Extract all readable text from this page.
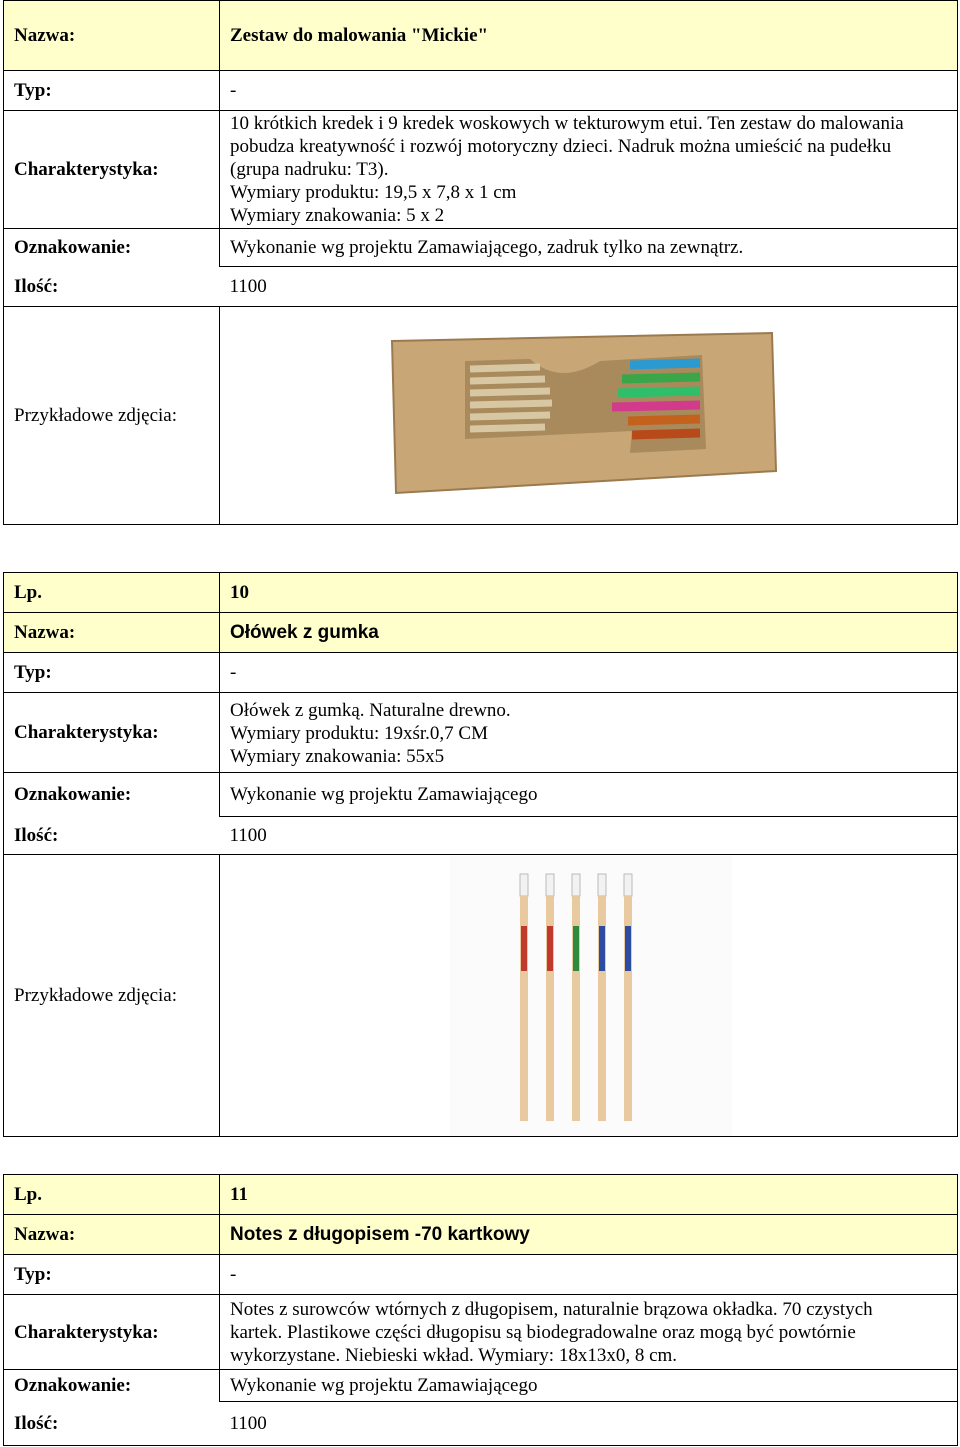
Nazwa:	Zestaw do malowania "Mickie"
Typ:	-
Charakterystyka:	10 krótkich kredek i 9 kredek woskowych w tekturowym etui. Ten zestaw do malowania
pobudza kreatywność i rozwój motoryczny dzieci. Nadruk można umieścić na pudełku
(grupa nadruku: T3).
Wymiary produktu: 19,5 x 7,8 x 1 cm
Wymiary znakowania: 5 x 2

Oznakowanie:	Wykonanie wg projektu Zamawiającego, zadruk tylko na zewnątrz.
Ilość:	1100
Przykładowe zdjęcia:	
Lp.	10
Nazwa:	Ołówek z gumka
Typ:	-
Charakterystyka:	Ołówek z gumką. Naturalne drewno.
Wymiary produktu: 19xśr.0,7 CM
Wymiary znakowania: 55x5

Oznakowanie:	Wykonanie wg projektu Zamawiającego
Ilość:	1100
Przykładowe zdjęcia:	
Lp.	11
Nazwa:	Notes z długopisem -70 kartkowy
Typ:	-
Charakterystyka:	Notes z surowców wtórnych z długopisem, naturalnie brązowa okładka. 70 czystych
kartek. Plastikowe części długopisu są biodegradowalne oraz mogą być powtórnie
wykorzystane. Niebieski wkład. Wymiary: 18x13x0, 8 cm.

Oznakowanie:	Wykonanie wg projektu Zamawiającego
Ilość:	1100
